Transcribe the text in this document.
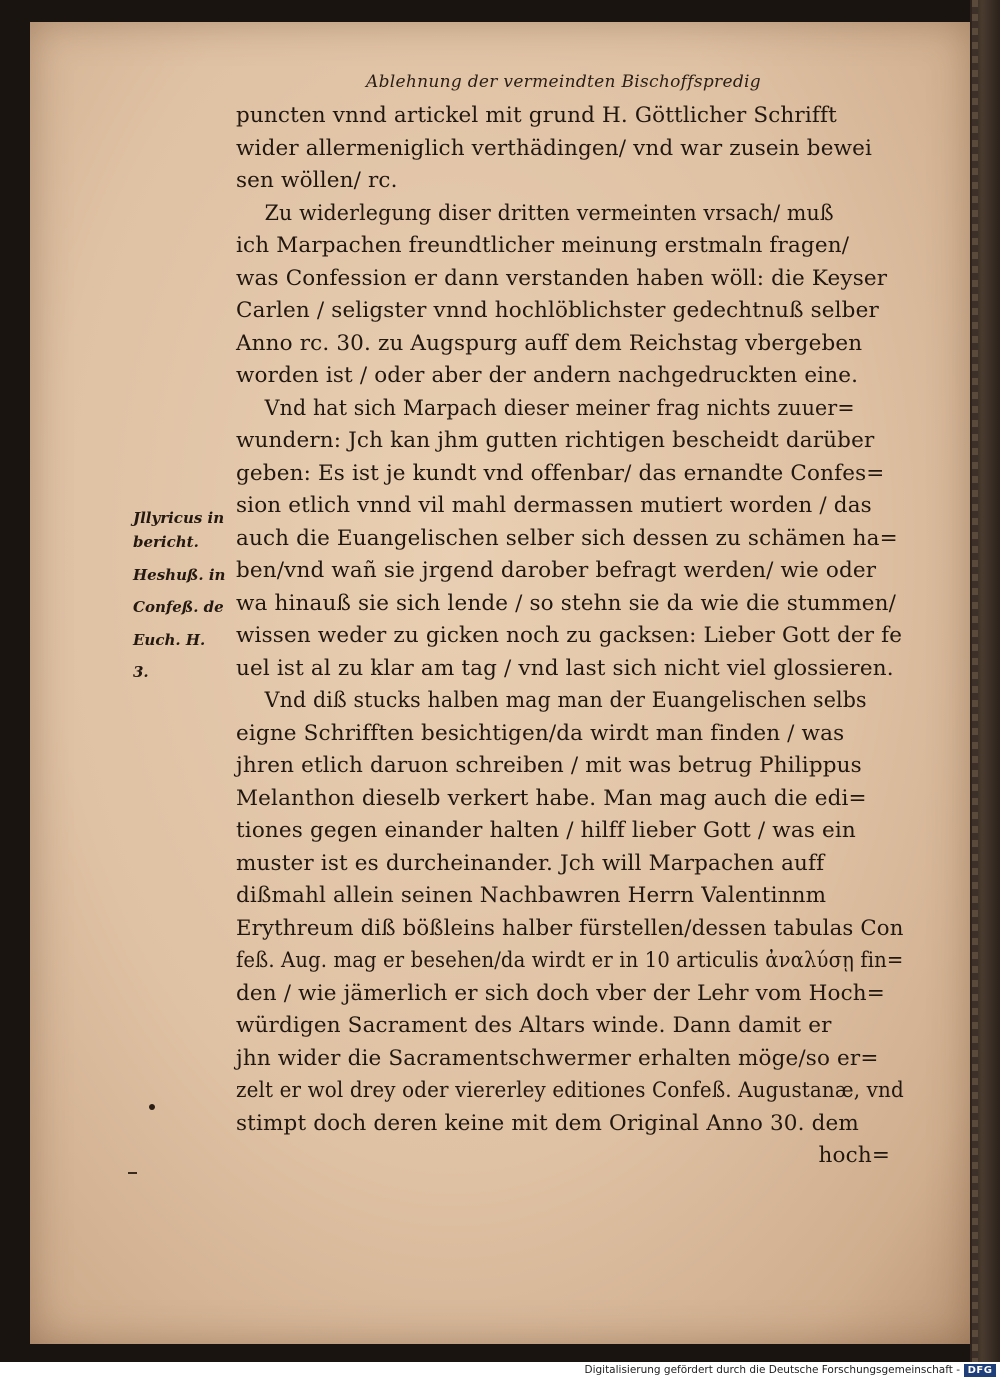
Ablehnung der vermeindten Bischoffspredig
puncten vnnd artickel mit grund H. Göttlicher Schrifft
wider allermeniglich verthädingen/ vnd war zusein bewei
sen wöllen/ rc.
Zu widerlegung diser dritten vermeinten vrsach/ muß
ich Marpachen freundtlicher meinung erstmaln fragen/
was Confession er dann verstanden haben wöll: die Keyser
Carlen / seligster vnnd hochlöblichster gedechtnuß selber
Anno rc. 30. zu Augspurg auff dem Reichstag vbergeben
worden ist / oder aber der andern nachgedruckten eine.
Vnd hat sich Marpach dieser meiner frag nichts zuuer=
wundern: Jch kan jhm gutten richtigen bescheidt darüber
geben: Es ist je kundt vnd offenbar/ das ernandte Confes=
sion etlich vnnd vil mahl dermassen mutiert worden / das
auch die Euangelischen selber sich dessen zu schämen ha=
ben/vnd wañ sie jrgend darober befragt werden/ wie oder
wa hinauß sie sich lende / so stehn sie da wie die stummen/
wissen weder zu gicken noch zu gacksen: Lieber Gott der fe
uel ist al zu klar am tag / vnd last sich nicht viel glossieren.
Vnd diß stucks halben mag man der Euangelischen selbs
eigne Schrifften besichtigen/da wirdt man finden / was
jhren etlich daruon schreiben / mit was betrug Philippus
Melanthon dieselb verkert habe. Man mag auch die edi=
tiones gegen einander halten / hilff lieber Gott / was ein
muster ist es durcheinander. Jch will Marpachen auff
dißmahl allein seinen Nachbawren Herrn Valentinnm
Erythreum diß bößleins halber fürstellen/dessen tabulas Con
feß. Aug. mag er besehen/da wirdt er in 10 articulis ἀναλύσῃ fin=
den / wie jämerlich er sich doch vber der Lehr vom Hoch=
würdigen Sacrament des Altars winde. Dann damit er
jhn wider die Sacramentschwermer erhalten möge/so er=
zelt er wol drey oder viererley editiones Confeß. Augustanæ, vnd
stimpt doch deren keine mit dem Original Anno 30. dem
hoch=
Jllyricus in
bericht.
Heshuß. in
Confeß. de
Euch. H.
3.
Digitalisierung gefördert durch die Deutsche Forschungsgemeinschaft - DFG
